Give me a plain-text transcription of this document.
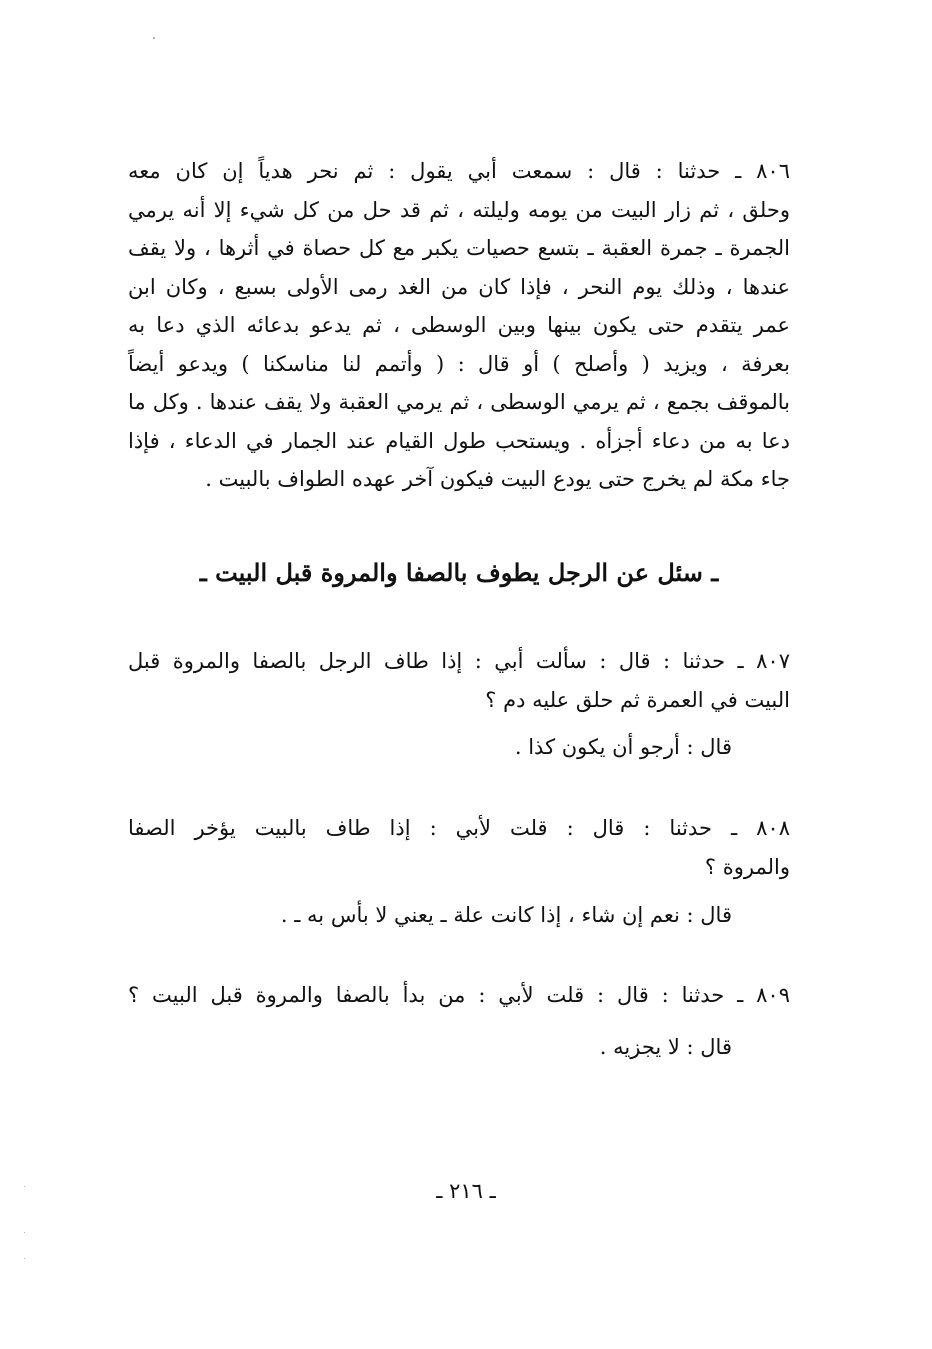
٨٠٦ ـ حدثنا : قال : سمعت أبي يقول : ثم نحر هدياً إن كان معه
وحلق ، ثم زار البيت من يومه وليلته ، ثم قد حل من كل شيء إلا أنه يرمي
الجمرة ـ جمرة العقبة ـ بتسع حصيات يكبر مع كل حصاة في أثرها ، ولا يقف
عندها ، وذلك يوم النحر ، فإذا كان من الغد رمى الأولى بسبع ، وكان ابن
عمر يتقدم حتى يكون بينها وبين الوسطى ، ثم يدعو بدعائه الذي دعا به
بعرفة ، ويزيد ( وأصلح ) أو قال : ( وأتمم لنا مناسكنا ) ويدعو أيضاً
بالموقف بجمع ، ثم يرمي الوسطى ، ثم يرمي العقبة ولا يقف عندها . وكل ما
دعا به من دعاء أجزأه . ويستحب طول القيام عند الجمار في الدعاء ، فإذا
جاء مكة لم يخرج حتى يودع البيت فيكون آخر عهده الطواف بالبيت .
ـ سئل عن الرجل يطوف بالصفا والمروة قبل البيت ـ
٨٠٧ ـ حدثنا : قال : سألت أبي : إذا طاف الرجل بالصفا والمروة قبل
البيت في العمرة ثم حلق عليه دم ؟
قال : أرجو أن يكون كذا .
٨٠٨ ـ حدثنا : قال : قلت لأبي : إذا طاف بالبيت يؤخر الصفا
والمروة ؟
قال : نعم إن شاء ، إذا كانت علة ـ يعني لا بأس به ـ .
٨٠٩ ـ حدثنا : قال : قلت لأبي : من بدأ بالصفا والمروة قبل البيت ؟
قال : لا يجزيه .
ـ ٢١٦ ـ
